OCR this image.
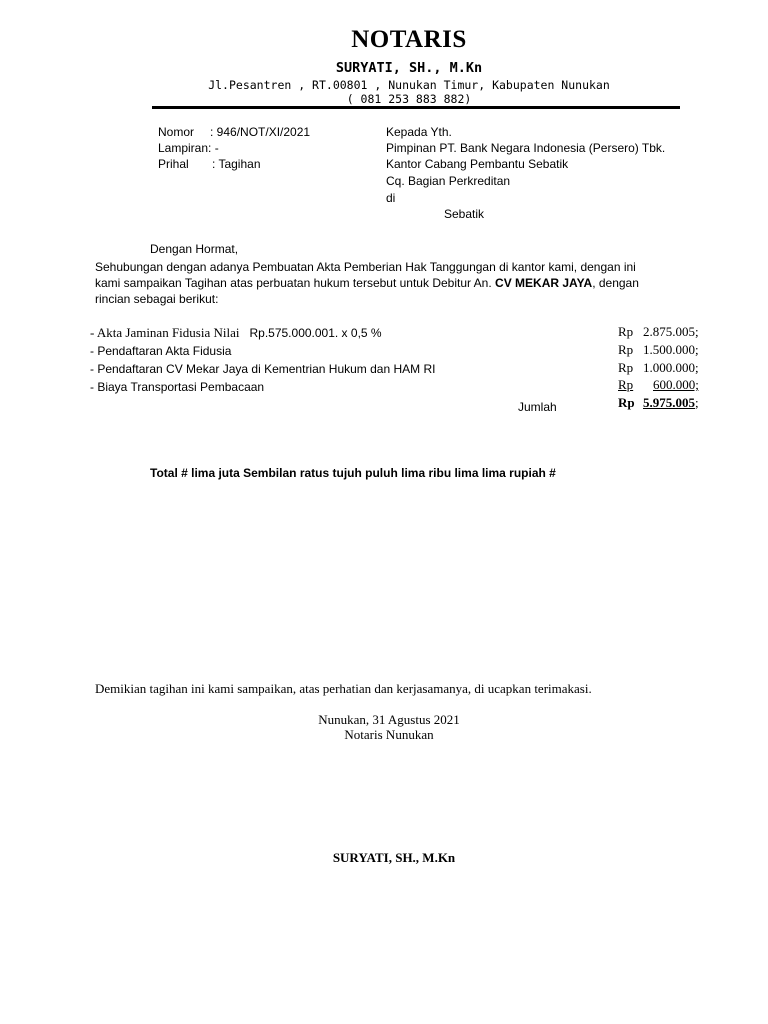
NOTARIS
SURYATI, SH., M.Kn
Jl.Pesantren , RT.00801 , Nunukan Timur, Kabupaten Nunukan
( 081 253 883 882)
Nomor : 946/NOT/XI/2021
Lampiran: -
Prihal : Tagihan
Kepada Yth.
Pimpinan PT. Bank Negara Indonesia (Persero) Tbk.
Kantor Cabang Pembantu Sebatik
Cq. Bagian Perkreditan
di
Sebatik
Dengan Hormat,
Sehubungan dengan adanya Pembuatan Akta Pemberian Hak Tanggungan di kantor kami, dengan ini
kami sampaikan Tagihan atas perbuatan hukum tersebut untuk Debitur An. CV MEKAR JAYA, dengan
rincian sebagai berikut:
- Akta Jaminan Fidusia Nilai Rp.575.000.001. x 0,5 %
- Pendaftaran Akta Fidusia
- Pendaftaran CV Mekar Jaya di Kementrian Hukum dan HAM RI
- Biaya Transportasi Pembacaan
Rp 2.875.005;
Rp 1.500.000;
Rp 1.000.000;
Rp 600.000;
Jumlah	Rp 5.975.005;
Total # lima juta Sembilan ratus tujuh puluh lima ribu lima lima rupiah #
Demikian tagihan ini kami sampaikan, atas perhatian dan kerjasamanya, di ucapkan terimakasi.
Nunukan, 31 Agustus 2021
Notaris Nunukan
SURYATI, SH., M.Kn
